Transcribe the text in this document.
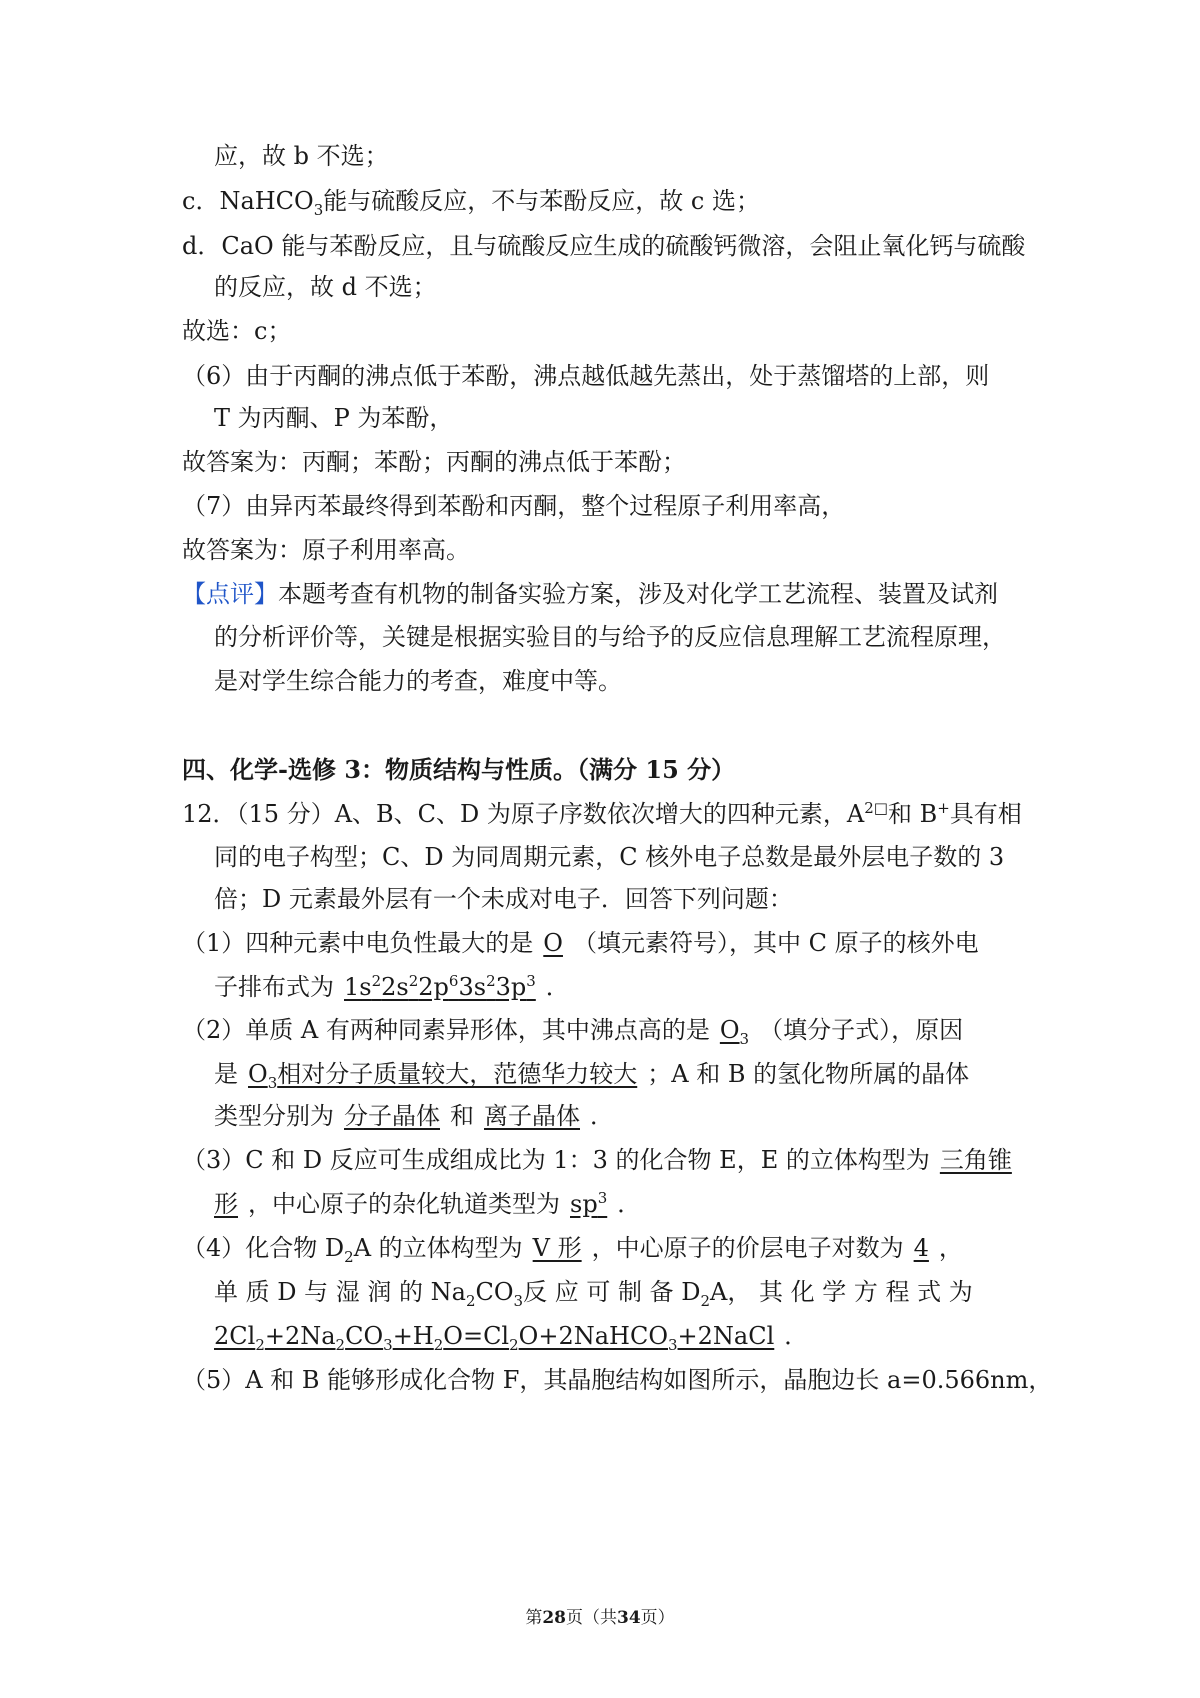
应，故 b 不选；
c．NaHCO$_3$能与硫酸反应，不与苯酚反应，故 c 选；
d．CaO 能与苯酚反应，且与硫酸反应生成的硫酸钙微溶，会阻止氧化钙与硫酸
的反应，故 d 不选；
故选：c；
（6）由于丙酮的沸点低于苯酚，沸点越低越先蒸出，处于蒸馏塔的上部，则
T 为丙酮、P 为苯酚，
故答案为：丙酮；苯酚；丙酮的沸点低于苯酚；
（7）由异丙苯最终得到苯酚和丙酮，整个过程原子利用率高，
故答案为：原子利用率高。
【点评】本题考查有机物的制备实验方案，涉及对化学工艺流程、装置及试剂
的分析评价等，关键是根据实验目的与给予的反应信息理解工艺流程原理，
是对学生综合能力的考查，难度中等。
四、化学-选修 3：物质结构与性质。（满分 15 分）
12．（15 分）A、B、C、D 为原子序数依次增大的四种元素，$A^{2□}$和 B+具有相
同的电子构型；C、D 为同周期元素，C 核外电子总数是最外层电子数的 3
倍；D 元素最外层有一个未成对电子．回答下列问题：
（1）四种元素中电负性最大的是 O （填元素符号），其中 C 原子的核外电
子排布式为 $1s^22s^22p^63s^23p^3$ ．
（2）单质 A 有两种同素异形体，其中沸点高的是 $O_3$ （填分子式），原因
是 $O_3$相对分子质量较大，范德华力较大 ；A 和 B 的氢化物所属的晶体
类型分别为 分子晶体 和 离子晶体 ．
（3）C 和 D 反应可生成组成比为 1：3 的化合物 E，E 的立体构型为 三角锥
形 ，中心原子的杂化轨道类型为 $sp^3$ ．
（4）化合物 $D_2A$ 的立体构型为 V 形 ，中心原子的价层电子对数为 4 ，
单 质 D 与 湿 润 的 $Na_2CO_3$反 应 可 制 备 $D_2A$， 其 化 学 方 程 式 为
$2Cl_2+2Na_2CO_3+H_2O=Cl_2O+2NaHCO_3+2NaCl$ ．
（5）A 和 B 能够形成化合物 F，其晶胞结构如图所示，晶胞边长 a=0.566nm，
第28页（共34页）
